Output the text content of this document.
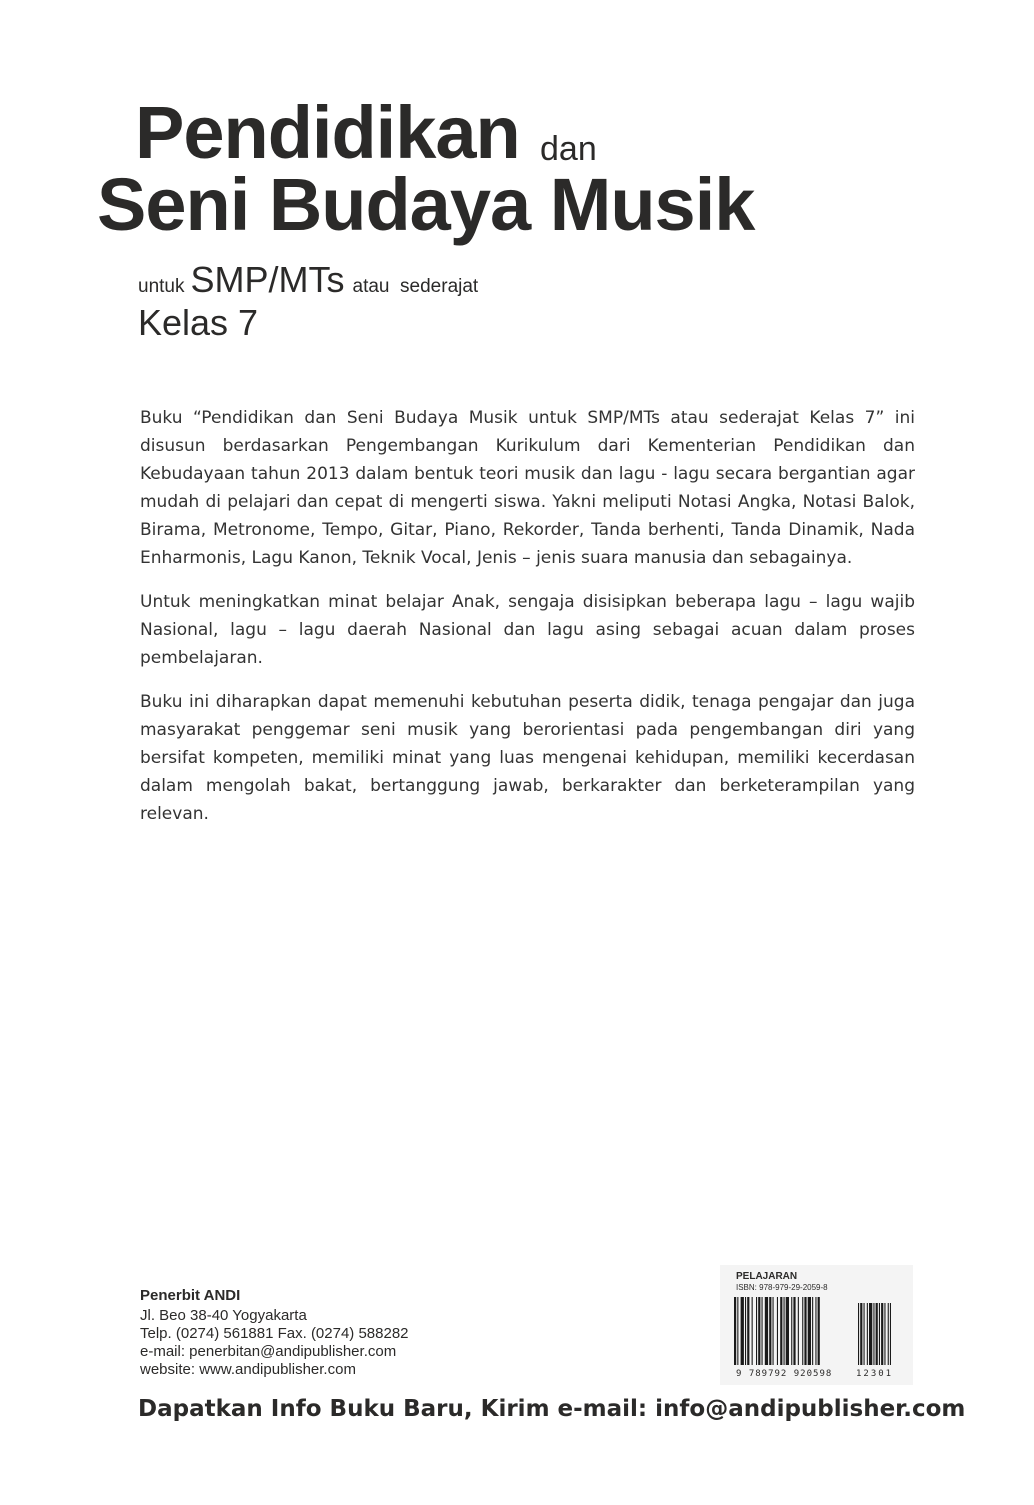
Pendidikan dan
Seni Budaya Musik
untuk SMP/MTs atau  sederajat
Kelas 7

Buku “Pendidikan dan Seni Budaya Musik untuk SMP/MTs atau sederajat Kelas 7” ini disusun berdasarkan Pengembangan Kurikulum dari Kementerian Pendidikan dan Kebudayaan tahun 2013 dalam bentuk teori musik dan lagu - lagu secara bergantian agar mudah di pelajari dan cepat di mengerti siswa. Yakni meliputi Notasi Angka, Notasi Balok, Birama, Metronome, Tempo, Gitar, Piano, Rekorder, Tanda berhenti, Tanda Dinamik, Nada Enharmonis, Lagu Kanon, Teknik Vocal, Jenis – jenis suara manusia dan sebagainya.

Untuk meningkatkan minat belajar Anak, sengaja disisipkan beberapa lagu – lagu wajib Nasional, lagu – lagu daerah Nasional dan lagu asing sebagai acuan dalam proses pembelajaran.

Buku ini diharapkan dapat memenuhi kebutuhan peserta didik, tenaga pengajar dan juga masyarakat penggemar seni musik yang berorientasi pada pengembangan diri yang bersifat kompeten, memiliki minat yang luas mengenai kehidupan, memiliki kecerdasan dalam mengolah bakat, bertanggung jawab, berkarakter dan berketerampilan yang relevan.

Penerbit ANDI
Jl. Beo 38-40 Yogyakarta
Telp. (0274) 561881 Fax. (0274) 588282
e-mail: penerbitan@andipublisher.com
website: www.andipublisher.com
PELAJARAN
ISBN: 978-979-29-2059-8
9 789792 920598	12301
Dapatkan Info Buku Baru, Kirim e-mail: info@andipublisher.com
